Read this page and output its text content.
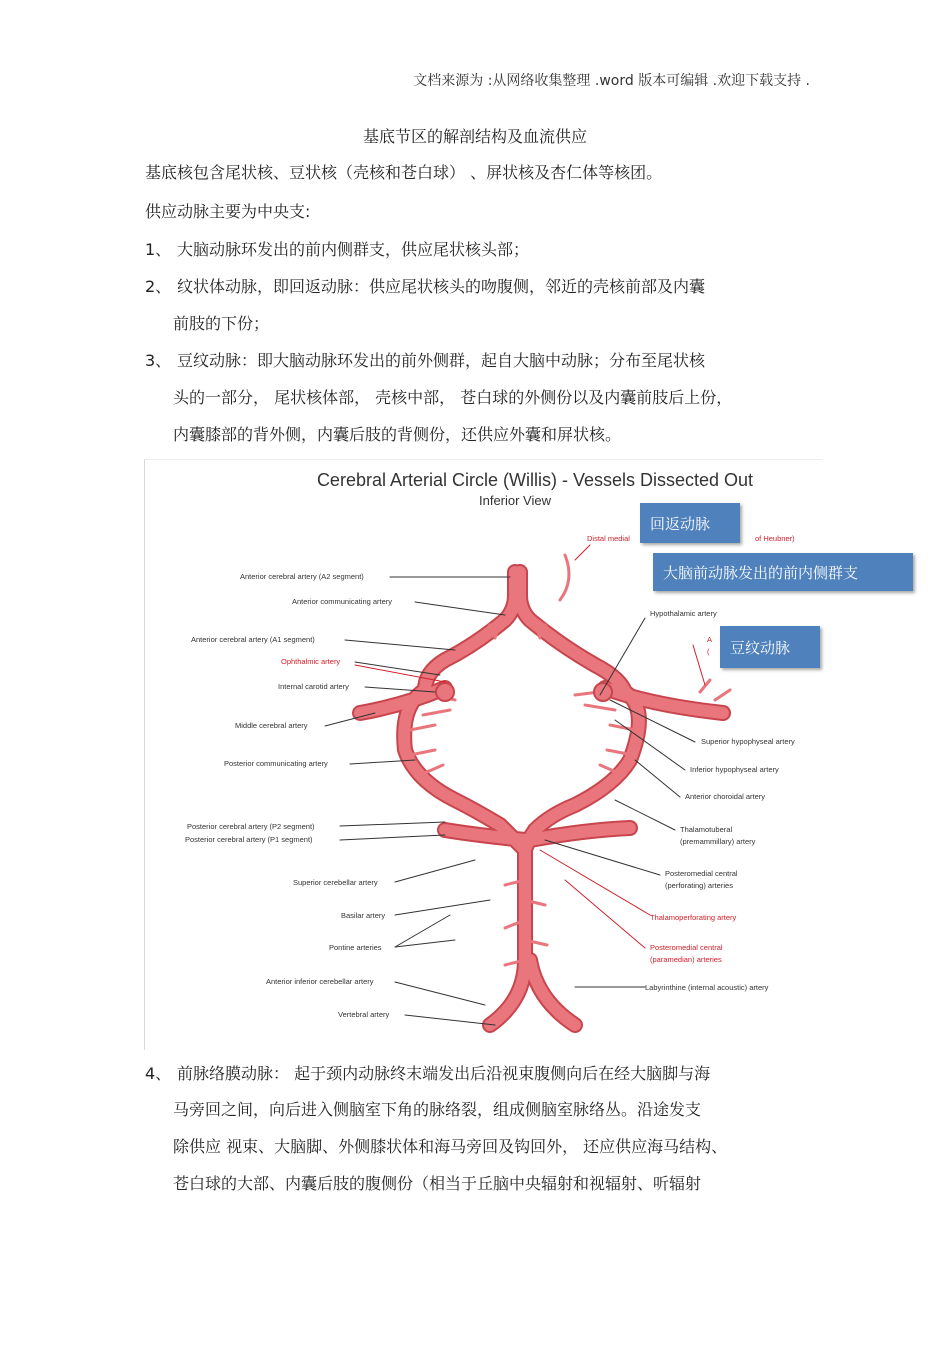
文档来源为 :从网络收集整理 .word 版本可编辑 .欢迎下载支持 .
基底节区的解剖结构及血流供应
基底核包含尾状核、豆状核（壳核和苍白球） 、屏状核及杏仁体等核团。
供应动脉主要为中央支:
1、 大脑动脉环发出的前内侧群支，供应尾状核头部；
2、 纹状体动脉，即回返动脉：供应尾状核头的吻腹侧，邻近的壳核前部及内囊
前肢的下份；
3、 豆纹动脉：即大脑动脉环发出的前外侧群，起自大脑中动脉；分布至尾状核
头的一部分， 尾状核体部， 壳核中部， 苍白球的外侧份以及内囊前肢后上份，
内囊膝部的背外侧，内囊后肢的背侧份，还供应外囊和屏状核。
Cerebral Arterial Circle (Willis) - Vessels Dissected Out
Inferior View
Anterior cerebral artery (A2 segment)
Anterior communicating artery
Anterior cerebral artery (A1 segment)
Ophthalmic artery
Internal carotid artery
Middle cerebral artery
Posterior communicating artery
Posterior cerebral artery (P2 segment)
Posterior cerebral artery (P1 segment)
Superior cerebellar artery
Basilar artery
Pontine arteries
Anterior inferior cerebellar artery
Vertebral artery
Distal medial	of Heubner)
Hypothalamic artery
A
(
Superior hypophyseal artery
Inferior hypophyseal artery
Anterior choroidal artery
Thalamotuberal
(premammillary) artery
Posteromedial central
(perforating) arteries
Thalamoperforating artery
Posteromedial central
(paramedian) arteries
Labyrinthine (internal acoustic) artery
回返动脉
大脑前动脉发出的前内侧群支
豆纹动脉
4、 前脉络膜动脉： 起于颈内动脉终末端发出后沿视束腹侧向后在经大脑脚与海
马旁回之间，向后进入侧脑室下角的脉络裂，组成侧脑室脉络丛。沿途发支
除供应 视束、大脑脚、外侧膝状体和海马旁回及钩回外， 还应供应海马结构、
苍白球的大部、内囊后肢的腹侧份（相当于丘脑中央辐射和视辐射、听辐射
